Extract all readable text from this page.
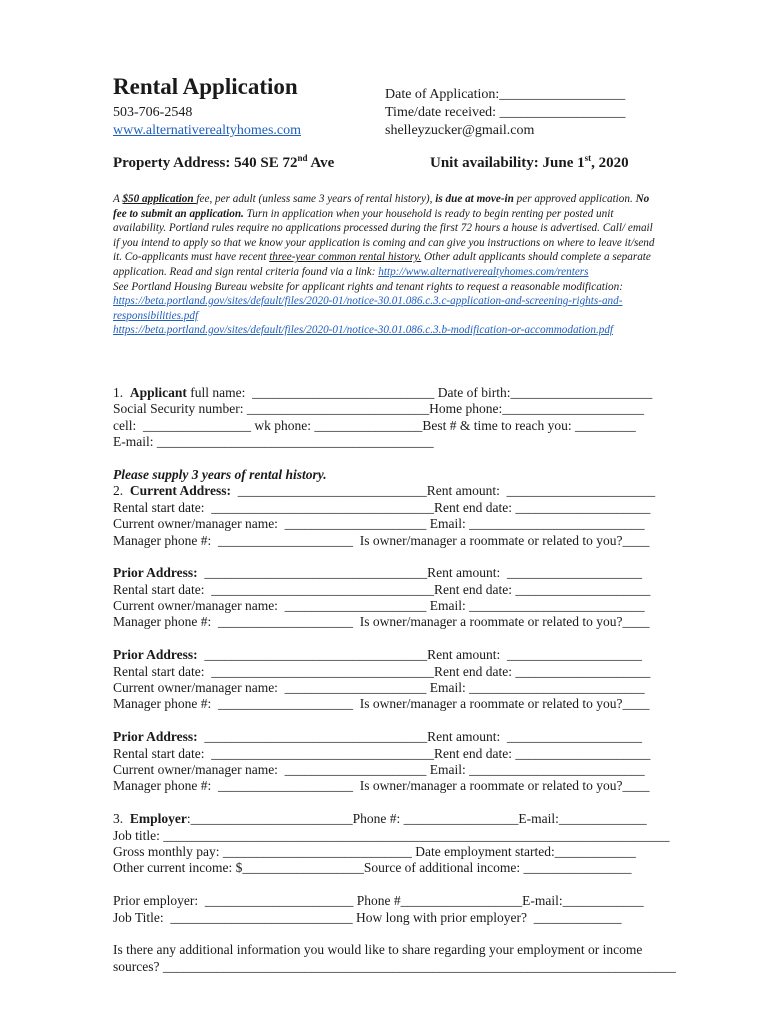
Rental Application
503-706-2548
www.alternativerealtyhomes.com
Date of Application:__________________
Time/date received: __________________
shelleyzucker@gmail.com
Property Address: 540 SE 72nd Ave	Unit availability: June 1st, 2020

A $50 application fee, per adult (unless same 3 years of rental history), is due at move-in per approved application. No fee to submit an application. Turn in application when your household is ready to begin renting per posted unit availability. Portland rules require no applications processed during the first 72 hours a house is advertised. Call/ email if you intend to apply so that we know your application is coming and can give you instructions on where to leave it/send it. Co-applicants must have recent three-year common rental history. Other adult applicants should complete a separate application. Read and sign rental criteria found via a link: http://www.alternativerealtyhomes.com/renters

See Portland Housing Bureau website for applicant rights and tenant rights to request a reasonable modification: https://beta.portland.gov/sites/default/files/2020-01/notice-30.01.086.c.3.c-application-and-screening-rights-and-responsibilities.pdf
https://beta.portland.gov/sites/default/files/2020-01/notice-30.01.086.c.3.b-modification-or-accommodation.pdf

1.  Applicant full name:  ___________________________ Date of birth:_____________________
Social Security number: ___________________________Home phone:_____________________
cell:  ________________ wk phone: ________________Best # & time to reach you: _________
E-mail: _________________________________________
Please supply 3 years of rental history.
2.  Current Address:  ____________________________Rent amount:  ______________________
Rental start date:  _________________________________Rent end date: ____________________
Current owner/manager name:  _____________________ Email: __________________________
Manager phone #:  ____________________  Is owner/manager a roommate or related to you?____
Prior Address:  _________________________________Rent amount:  ____________________
Rental start date:  _________________________________Rent end date: ____________________
Current owner/manager name:  _____________________ Email: __________________________
Manager phone #:  ____________________  Is owner/manager a roommate or related to you?____
Prior Address:  _________________________________Rent amount:  ____________________
Rental start date:  _________________________________Rent end date: ____________________
Current owner/manager name:  _____________________ Email: __________________________
Manager phone #:  ____________________  Is owner/manager a roommate or related to you?____
Prior Address:  _________________________________Rent amount:  ____________________
Rental start date:  _________________________________Rent end date: ____________________
Current owner/manager name:  _____________________ Email: __________________________
Manager phone #:  ____________________  Is owner/manager a roommate or related to you?____
3.  Employer:________________________Phone #: _________________E-mail:_____________
Job title: ___________________________________________________________________________
Gross monthly pay: ____________________________ Date employment started:____________
Other current income: $__________________Source of additional income: ________________
Prior employer:  ______________________ Phone #__________________E-mail:____________
Job Title:  ___________________________ How long with prior employer?  _____________
Is there any additional information you would like to share regarding your employment or income
sources? ____________________________________________________________________________
